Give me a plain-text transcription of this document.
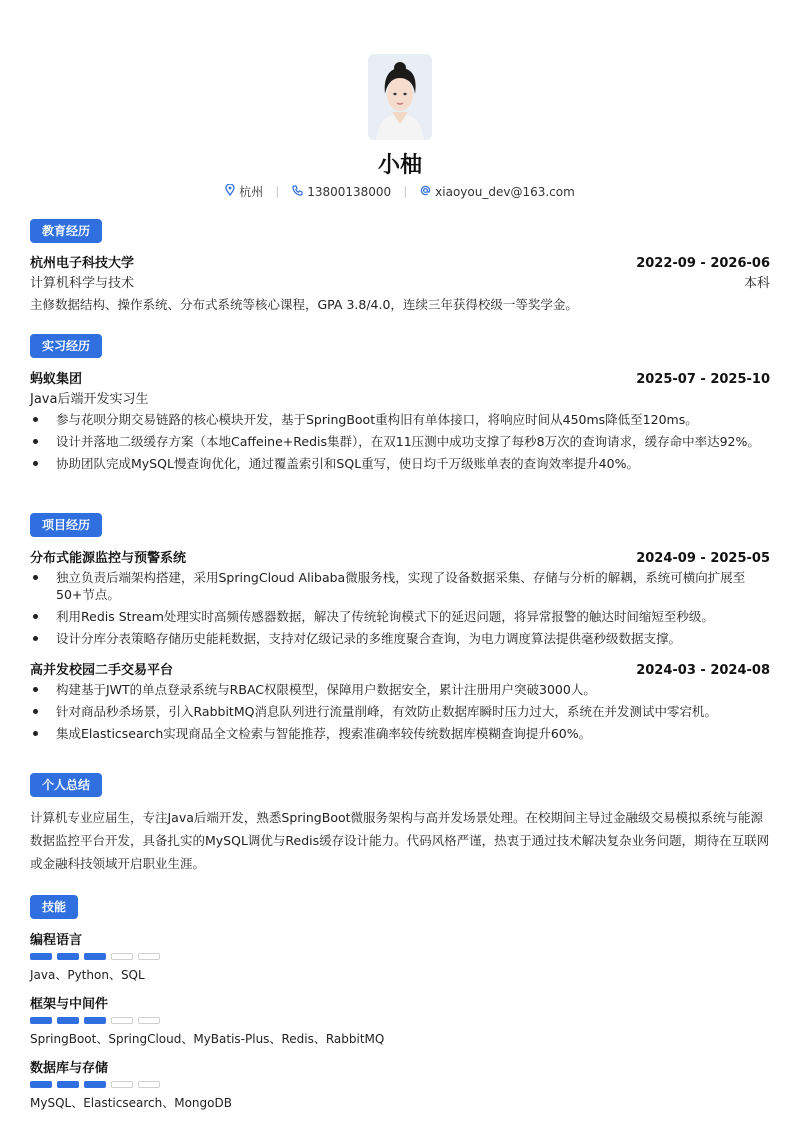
小柚
杭州	13800138000	xiaoyou_dev@163.com
教育经历
杭州电子科技大学	2022-09 - 2026-06
计算机科学与技术	本科
主修数据结构、操作系统、分布式系统等核心课程，GPA 3.8/4.0，连续三年获得校级一等奖学金。
实习经历
蚂蚁集团	2025-07 - 2025-10
Java后端开发实习生
参与花呗分期交易链路的核心模块开发，基于SpringBoot重构旧有单体接口，将响应时间从450ms降低至120ms。
设计并落地二级缓存方案（本地Caffeine+Redis集群），在双11压测中成功支撑了每秒8万次的查询请求，缓存命中率达92%。
协助团队完成MySQL慢查询优化，通过覆盖索引和SQL重写，使日均千万级账单表的查询效率提升40%。
项目经历
分布式能源监控与预警系统	2024-09 - 2025-05
独立负责后端架构搭建，采用SpringCloud Alibaba微服务栈，实现了设备数据采集、存储与分析的解耦，系统可横向扩展至50+节点。
利用Redis Stream处理实时高频传感器数据，解决了传统轮询模式下的延迟问题，将异常报警的触达时间缩短至秒级。
设计分库分表策略存储历史能耗数据，支持对亿级记录的多维度聚合查询，为电力调度算法提供毫秒级数据支撑。
高并发校园二手交易平台	2024-03 - 2024-08
构建基于JWT的单点登录系统与RBAC权限模型，保障用户数据安全，累计注册用户突破3000人。
针对商品秒杀场景，引入RabbitMQ消息队列进行流量削峰，有效防止数据库瞬时压力过大，系统在并发测试中零宕机。
集成Elasticsearch实现商品全文检索与智能推荐，搜索准确率较传统数据库模糊查询提升60%。
个人总结
计算机专业应届生，专注Java后端开发，熟悉SpringBoot微服务架构与高并发场景处理。在校期间主导过金融级交易模拟系统与能源数据监控平台开发，具备扎实的MySQL调优与Redis缓存设计能力。代码风格严谨，热衷于通过技术解决复杂业务问题，期待在互联网或金融科技领域开启职业生涯。
技能
编程语言
Java、Python、SQL
框架与中间件
SpringBoot、SpringCloud、MyBatis-Plus、Redis、RabbitMQ
数据库与存储
MySQL、Elasticsearch、MongoDB
